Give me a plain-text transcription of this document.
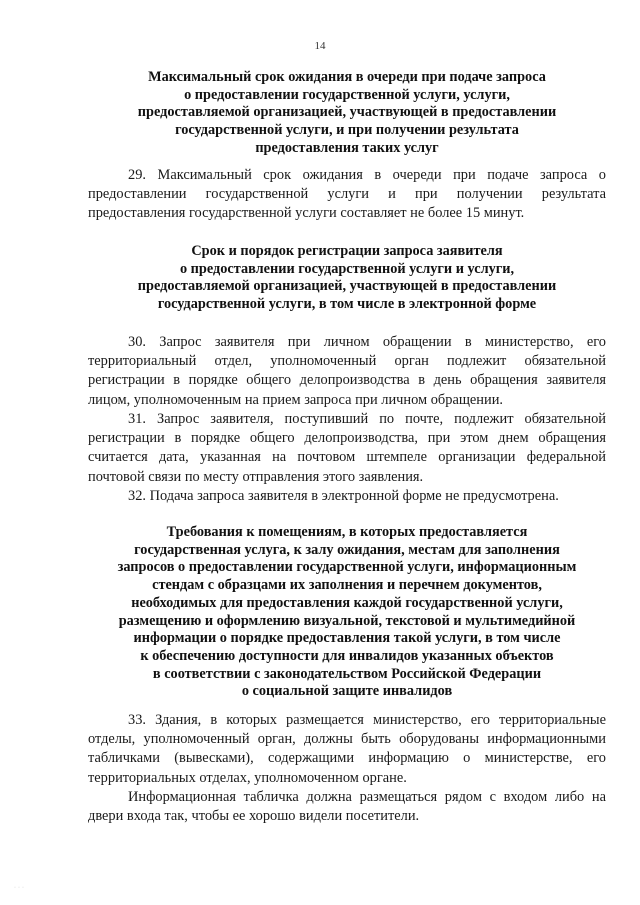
14
Максимальный срок ожидания в очереди при подаче запроса
о предоставлении государственной услуги, услуги,
предоставляемой организацией, участвующей в предоставлении
государственной услуги, и при получении результата
предоставления таких услуг

29. Максимальный срок ожидания в очереди при подаче запроса о предоставлении государственной услуги и при получении результата предоставления государственной услуги составляет не более 15 минут.

Срок и порядок регистрации запроса заявителя
о предоставлении государственной услуги и услуги,
предоставляемой организацией, участвующей в предоставлении
государственной услуги, в том числе в электронной форме

30. Запрос заявителя при личном обращении в министерство, его территориальный отдел, уполномоченный орган подлежит обязательной регистрации в порядке общего делопроизводства в день обращения заявителя лицом, уполномоченным на прием запроса при личном обращении.

31. Запрос заявителя, поступивший по почте, подлежит обязательной регистрации в порядке общего делопроизводства, при этом днем обращения считается дата, указанная на почтовом штемпеле организации федеральной почтовой связи по месту отправления этого заявления.

32. Подача запроса заявителя в электронной форме не предусмотрена.

Требования к помещениям, в которых предоставляется
государственная услуга, к залу ожидания, местам для заполнения
запросов о предоставлении государственной услуги, информационным
стендам с образцами их заполнения и перечнем документов,
необходимых для предоставления каждой государственной услуги,
размещению и оформлению визуальной, текстовой и мультимедийной
информации о порядке предоставления такой услуги, в том числе
к обеспечению доступности для инвалидов указанных объектов
в соответствии с законодательством Российской Федерации
о социальной защите инвалидов

33. Здания, в которых размещается министерство, его территориальные отделы, уполномоченный орган, должны быть оборудованы информационными табличками (вывесками), содержащими информацию о министерстве, его территориальных отделах, уполномоченном органе.

Информационная табличка должна размещаться рядом с входом либо на двери входа так, чтобы ее хорошо видели посетители.

···
